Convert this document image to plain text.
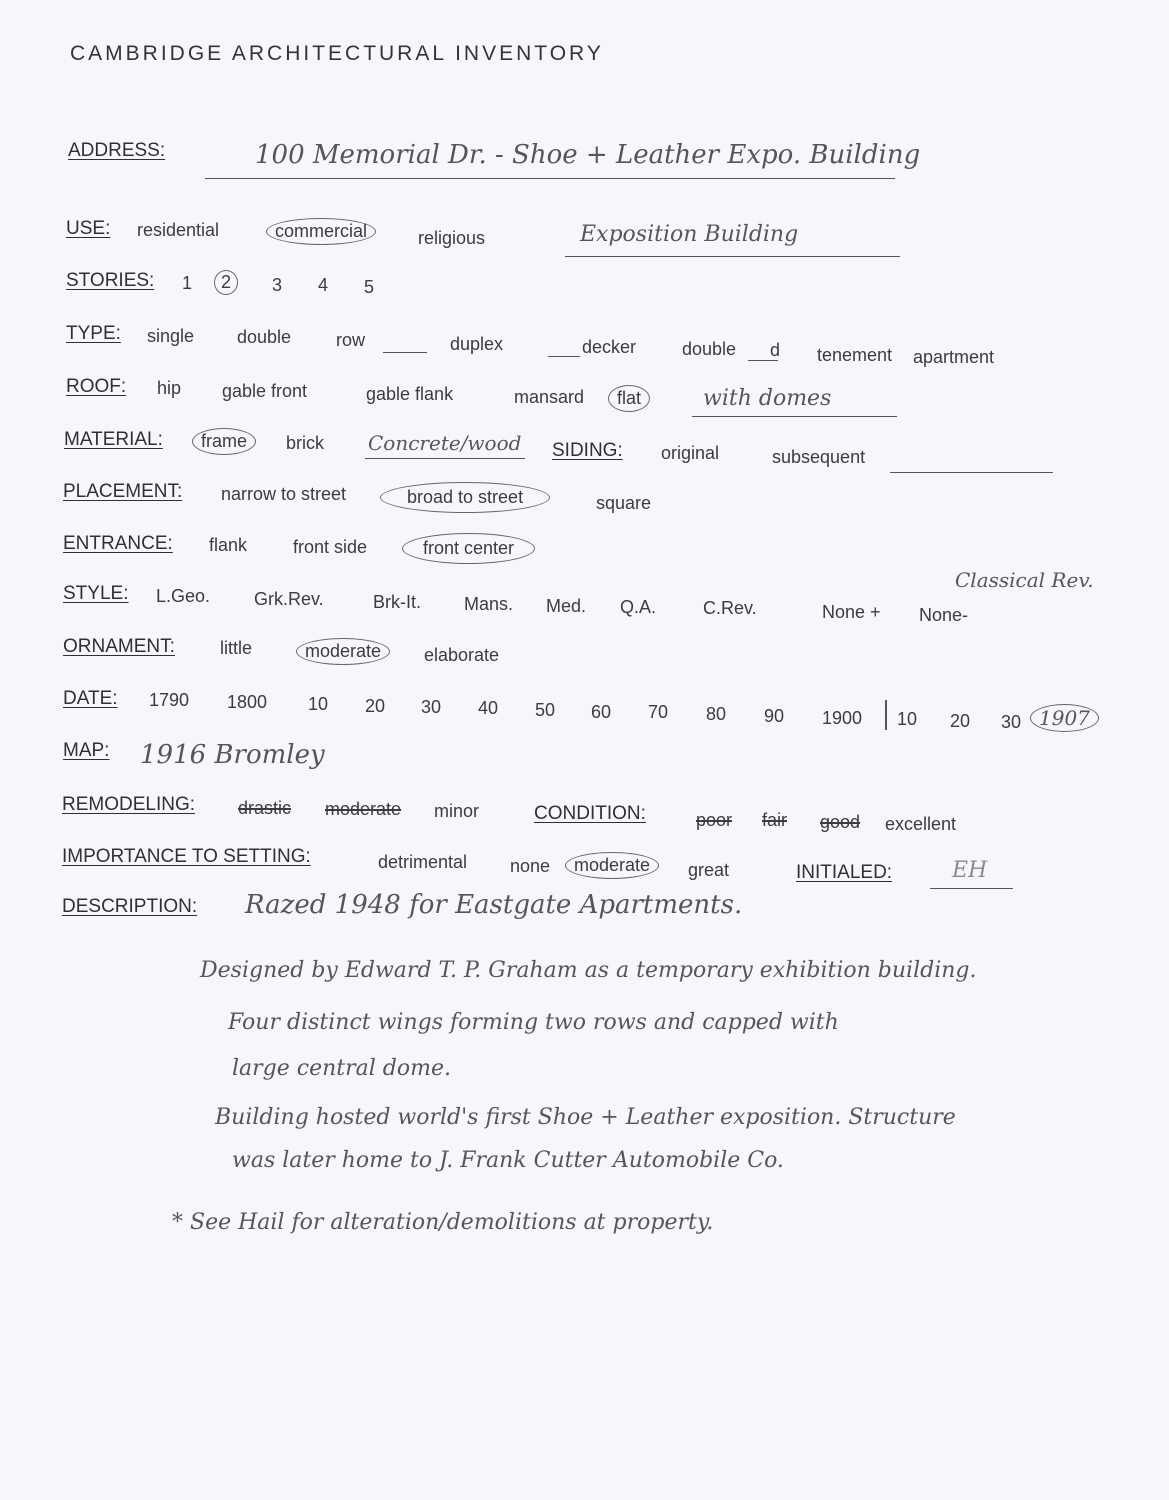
CAMBRIDGE ARCHITECTURAL INVENTORY
ADDRESS:	100 Memorial Dr. - Shoe + Leather Expo. Building
USE: residential	commercial	religious	Exposition Building
STORIES: 1	2	3 4 5
TYPE: single double row	duplex	decker	double d tenement apartment
ROOF: hip gable front	gable flank	mansard	flat	with domes
MATERIAL:	frame	brick Concrete/wood SIDING: original	subsequent
PLACEMENT: narrow to street	broad to street	square
ENTRANCE: flank	front side	front center
Classical Rev.
STYLE: L.Geo. Grk.Rev.	Brk-It. Mans. Med. Q.A.	C.Rev.	None + None-
ORNAMENT:	little	moderate	elaborate
DATE: 1790 1800 10 20 30 40 50 60 70 80 90 1900 10 20 30 1907
MAP: 1916 Bromley
REMODELING: drastic moderate minor	CONDITION:	poor fair good excellent
IMPORTANCE TO SETTING:	detrimental none	moderate	great	INITIALED:	EH
DESCRIPTION: Razed 1948 for Eastgate Apartments.
Designed by Edward T. P. Graham as a temporary exhibition building.
Four distinct wings forming two rows and capped with
large central dome.
Building hosted world's first Shoe + Leather exposition. Structure
was later home to J. Frank Cutter Automobile Co.
* See Hail for alteration/demolitions at property.
